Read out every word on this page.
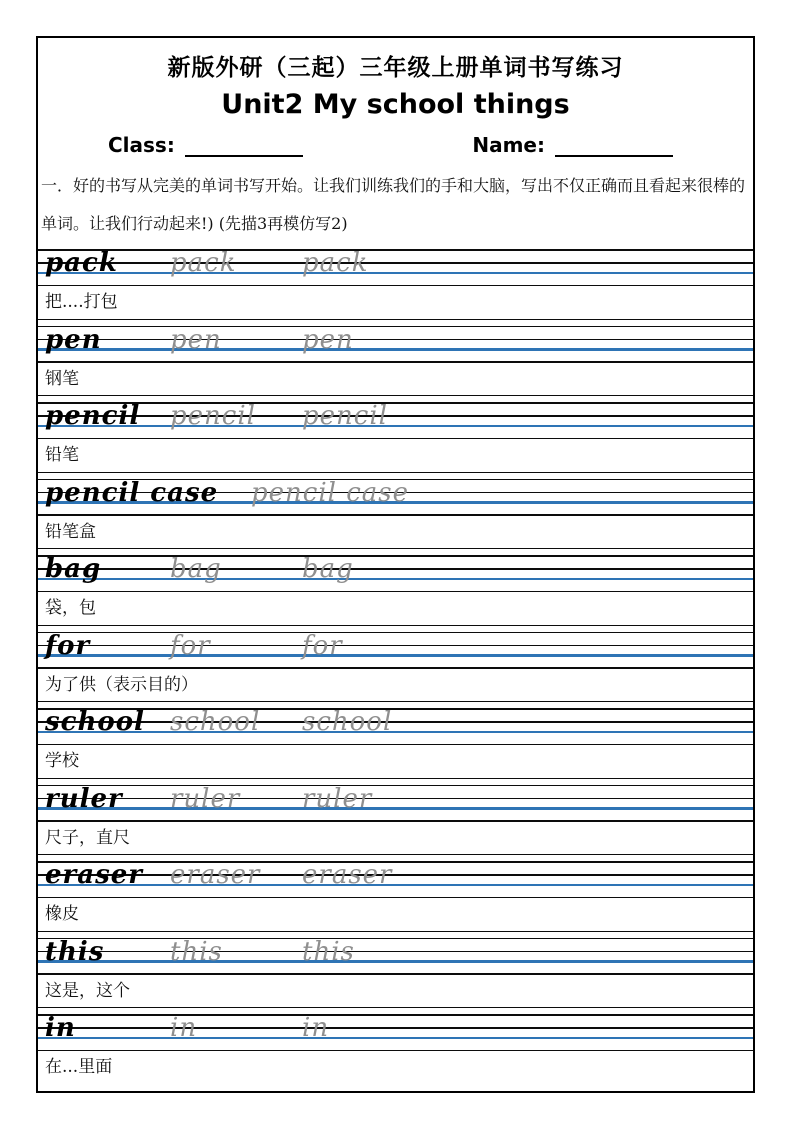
新版外研（三起）三年级上册单词书写练习
Unit2 My school things
Class:	Name:
一．好的书写从完美的单词书写开始。让我们训练我们的手和大脑，写出不仅正确而且看起来很棒的
单词。让我们行动起来!) (先描3再模仿写2)
pack pack	pack
把....打包
pen	pen	pen
钢笔
pencil pencil pencil
铅笔
pencil case pencil case
铅笔盒
bag	bag	bag
袋，包
for	for	for
为了供（表示目的）
school school school
学校
ruler ruler ruler
尺子，直尺
eraser eraser eraser
橡皮
this	this	this
这是，这个
in	in	in
在...里面
